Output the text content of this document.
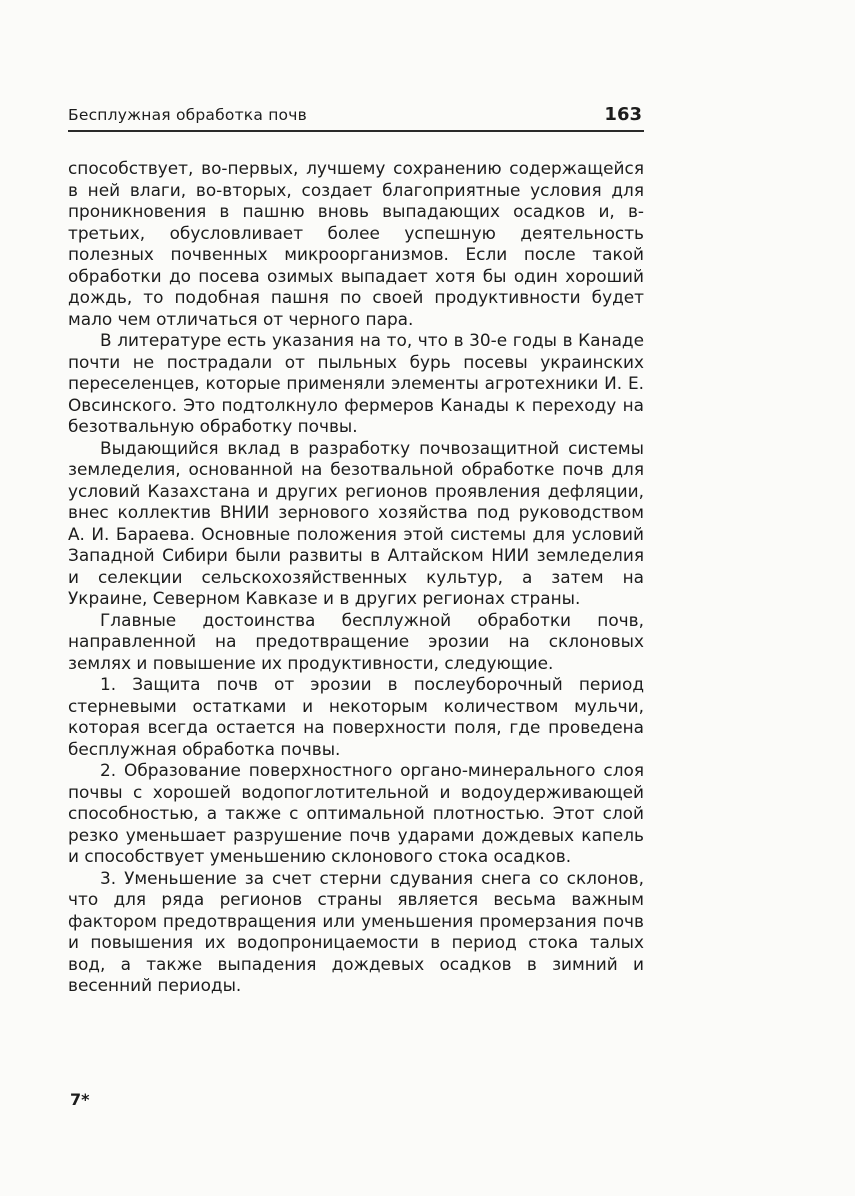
Бесплужная обработка почв	163

способствует, во-первых, лучшему сохранению содержащейся в ней влаги, во-вторых, создает благоприятные условия для проникновения в пашню вновь выпадающих осадков и, в-третьих, обусловливает более успешную деятельность полезных почвенных микроорганизмов. Если после такой обработки до посева озимых выпадает хотя бы один хороший дождь, то подобная пашня по своей продуктивности будет мало чем отличаться от черного пара.

В литературе есть указания на то, что в 30-е годы в Канаде почти не пострадали от пыльных бурь посевы украинских переселенцев, которые применяли элементы агротехники И. Е. Овсинского. Это подтолкнуло фермеров Канады к переходу на безотвальную обработку почвы.

Выдающийся вклад в разработку почвозащитной системы земледелия, основанной на безотвальной обработке почв для условий Казахстана и других регионов проявления дефляции, внес коллектив ВНИИ зернового хозяйства под руководством А. И. Бараева. Основные положения этой системы для условий Западной Сибири были развиты в Алтайском НИИ земледелия и селекции сельскохозяйственных культур, а затем на Украине, Северном Кавказе и в других регионах страны.

Главные достоинства бесплужной обработки почв, направленной на предотвращение эрозии на склоновых землях и повышение их продуктивности, следующие.

1. Защита почв от эрозии в послеуборочный период стерневыми остатками и некоторым количеством мульчи, которая всегда остается на поверхности поля, где проведена бесплужная обработка почвы.

2. Образование поверхностного органо-минерального слоя почвы с хорошей водопоглотительной и водоудерживающей способностью, а также с оптимальной плотностью. Этот слой резко уменьшает разрушение почв ударами дождевых капель и способствует уменьшению склонового стока осадков.

3. Уменьшение за счет стерни сдувания снега со склонов, что для ряда регионов страны является весьма важным фактором предотвращения или уменьшения промерзания почв и повышения их водопроницаемости в период стока талых вод, а также выпадения дождевых осадков в зимний и весенний периоды.

7*
